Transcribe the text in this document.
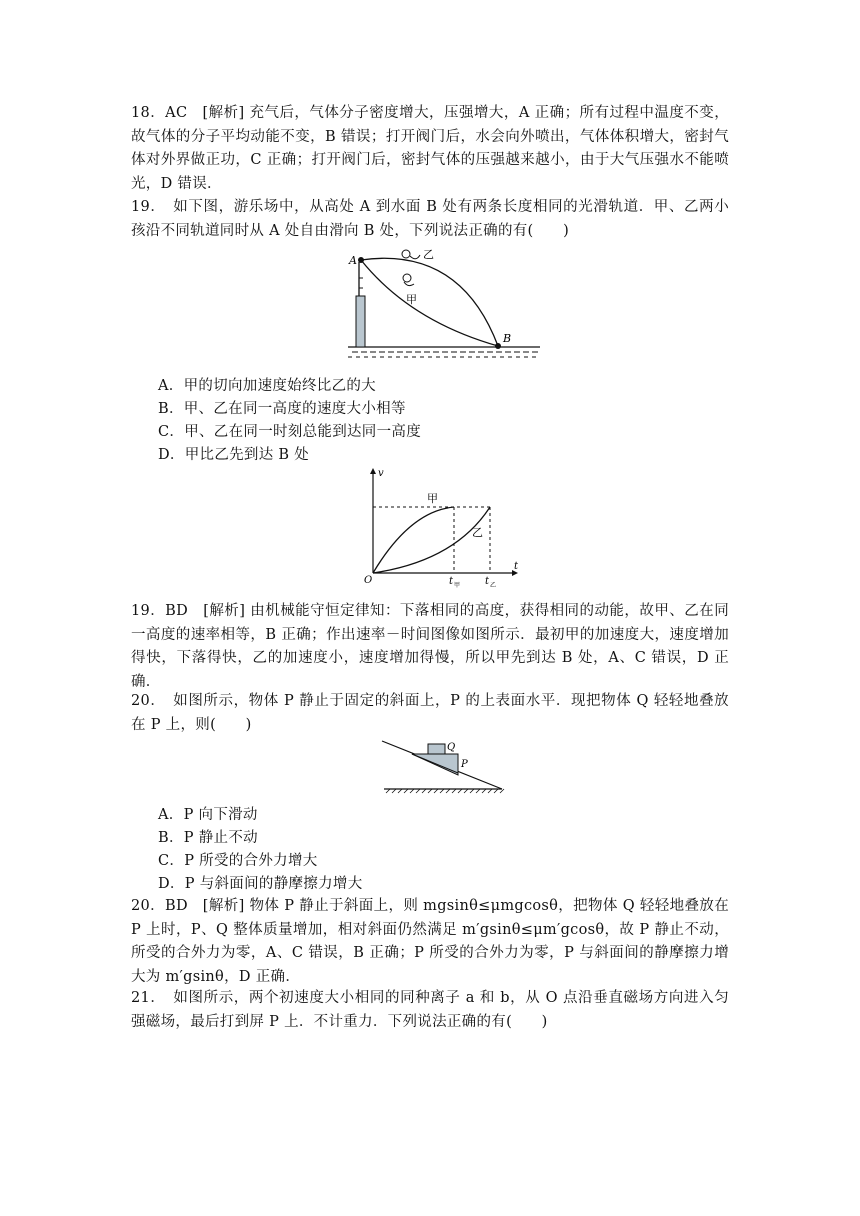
18．AC　[解析] 充气后，气体分子密度增大，压强增大，A 正确；所有过程中温度不变，故气体的分子平均动能不变，B 错误；打开阀门后，水会向外喷出，气体体积增大，密封气体对外界做正功，C 正确；打开阀门后，密封气体的压强越来越小，由于大气压强水不能喷光，D 错误．
19．　如下图，游乐场中，从高处 A 到水面 B 处有两条长度相同的光滑轨道．甲、乙两小孩沿不同轨道同时从 A 处自由滑向 B 处，下列说法正确的有(　　)
A
B
乙
甲
A．甲的切向加速度始终比乙的大
B．甲、乙在同一高度的速度大小相等
C．甲、乙在同一时刻总能到达同一高度
D．甲比乙先到达 B 处
v
t
O
甲
乙
t 甲 t 乙
19．BD　[解析] 由机械能守恒定律知：下落相同的高度，获得相同的动能，故甲、乙在同一高度的速率相等，B 正确；作出速率－时间图像如图所示．最初甲的加速度大，速度增加得快，下落得快，乙的加速度小，速度增加得慢，所以甲先到达 B 处，A、C 错误，D 正确．
20．　如图所示，物体 P 静止于固定的斜面上，P 的上表面水平．现把物体 Q 轻轻地叠放在 P 上，则(　　)
Q
P
A．P 向下滑动
B．P 静止不动
C．P 所受的合外力增大
D．P 与斜面间的静摩擦力增大
20．BD　[解析] 物体 P 静止于斜面上，则 mgsinθ≤μmgcosθ，把物体 Q 轻轻地叠放在 P 上时，P、Q 整体质量增加，相对斜面仍然满足 m′gsinθ≤μm′gcosθ，故 P 静止不动，所受的合外力为零，A、C 错误，B 正确；P 所受的合外力为零，P 与斜面间的静摩擦力增大为 m′gsinθ，D 正确．
21．　如图所示，两个初速度大小相同的同种离子 a 和 b，从 O 点沿垂直磁场方向进入匀强磁场，最后打到屏 P 上．不计重力．下列说法正确的有(　　)
